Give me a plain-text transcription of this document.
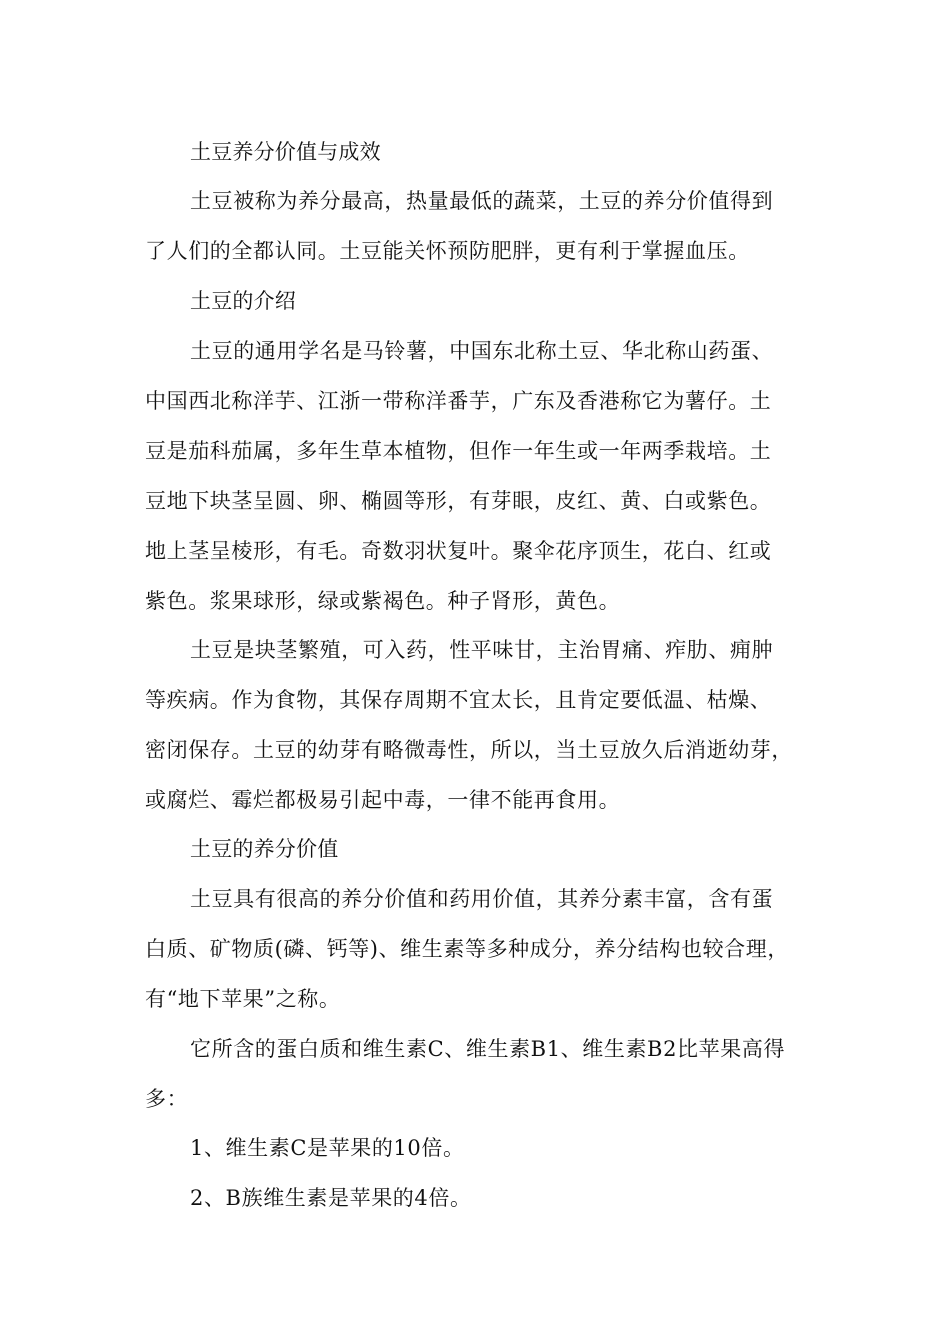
土豆养分价值与成效
土豆被称为养分最高，热量最低的蔬菜，土豆的养分价值得到
了人们的全都认同。土豆能关怀预防肥胖，更有利于掌握血压。
土豆的介绍
土豆的通用学名是马铃薯，中国东北称土豆、华北称山药蛋、
中国西北称洋芋、江浙一带称洋番芋，广东及香港称它为薯仔。土
豆是茄科茄属，多年生草本植物，但作一年生或一年两季栽培。土
豆地下块茎呈圆、卵、椭圆等形，有芽眼，皮红、黄、白或紫色。
地上茎呈棱形，有毛。奇数羽状复叶。聚伞花序顶生，花白、红或
紫色。浆果球形，绿或紫褐色。种子肾形，黄色。
土豆是块茎繁殖，可入药，性平味甘，主治胃痛、痄肋、痈肿
等疾病。作为食物，其保存周期不宜太长，且肯定要低温、枯燥、
密闭保存。土豆的幼芽有略微毒性，所以，当土豆放久后消逝幼芽，
或腐烂、霉烂都极易引起中毒，一律不能再食用。
土豆的养分价值
土豆具有很高的养分价值和药用价值，其养分素丰富，含有蛋
白质、矿物质(磷、钙等)、维生素等多种成分，养分结构也较合理，
有“地下苹果”之称。
它所含的蛋白质和维生素C、维生素B1、维生素B2比苹果高得
多：
1、维生素C是苹果的10倍。
2、B族维生素是苹果的4倍。
